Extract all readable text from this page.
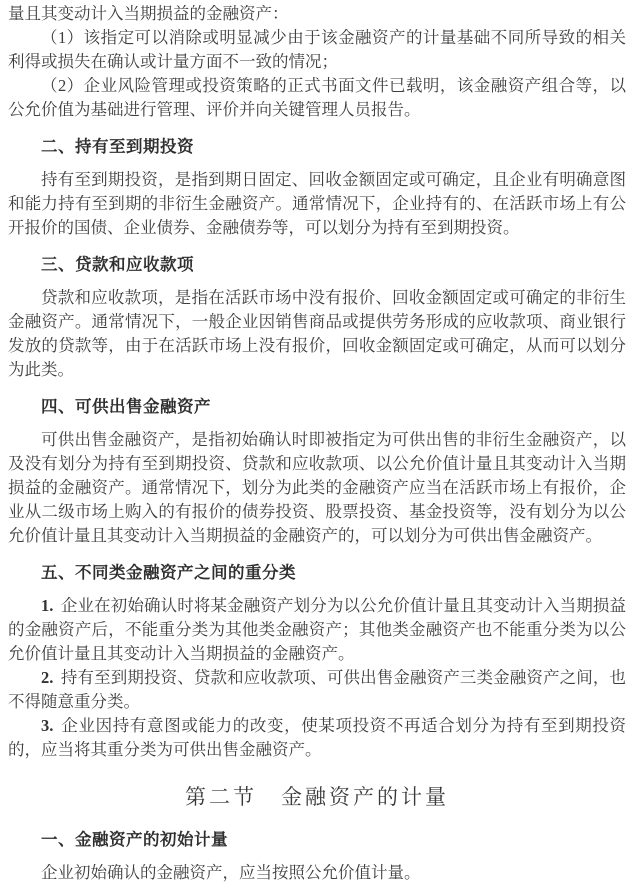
量且其变动计入当期损益的金融资产：

（1）该指定可以消除或明显减少由于该金融资产的计量基础不同所导致的相关利得或损失在确认或计量方面不一致的情况；

（2）企业风险管理或投资策略的正式书面文件已载明，该金融资产组合等，以公允价值为基础进行管理、评价并向关键管理人员报告。

二、持有至到期投资

持有至到期投资，是指到期日固定、回收金额固定或可确定，且企业有明确意图和能力持有至到期的非衍生金融资产。通常情况下，企业持有的、在活跃市场上有公开报价的国债、企业债券、金融债券等，可以划分为持有至到期投资。

三、贷款和应收款项

贷款和应收款项，是指在活跃市场中没有报价、回收金额固定或可确定的非衍生金融资产。通常情况下，一般企业因销售商品或提供劳务形成的应收款项、商业银行发放的贷款等，由于在活跃市场上没有报价，回收金额固定或可确定，从而可以划分为此类。

四、可供出售金融资产

可供出售金融资产，是指初始确认时即被指定为可供出售的非衍生金融资产，以及没有划分为持有至到期投资、贷款和应收款项、以公允价值计量且其变动计入当期损益的金融资产。通常情况下，划分为此类的金融资产应当在活跃市场上有报价，企业从二级市场上购入的有报价的债券投资、股票投资、基金投资等，没有划分为以公允价值计量且其变动计入当期损益的金融资产的，可以划分为可供出售金融资产。

五、不同类金融资产之间的重分类

1. 企业在初始确认时将某金融资产划分为以公允价值计量且其变动计入当期损益的金融资产后，不能重分类为其他类金融资产；其他类金融资产也不能重分类为以公允价值计量且其变动计入当期损益的金融资产。

2. 持有至到期投资、贷款和应收款项、可供出售金融资产三类金融资产之间，也不得随意重分类。

3. 企业因持有意图或能力的改变，使某项投资不再适合划分为持有至到期投资的，应当将其重分类为可供出售金融资产。

第二节　金融资产的计量
一、金融资产的初始计量

企业初始确认的金融资产，应当按照公允价值计量。
